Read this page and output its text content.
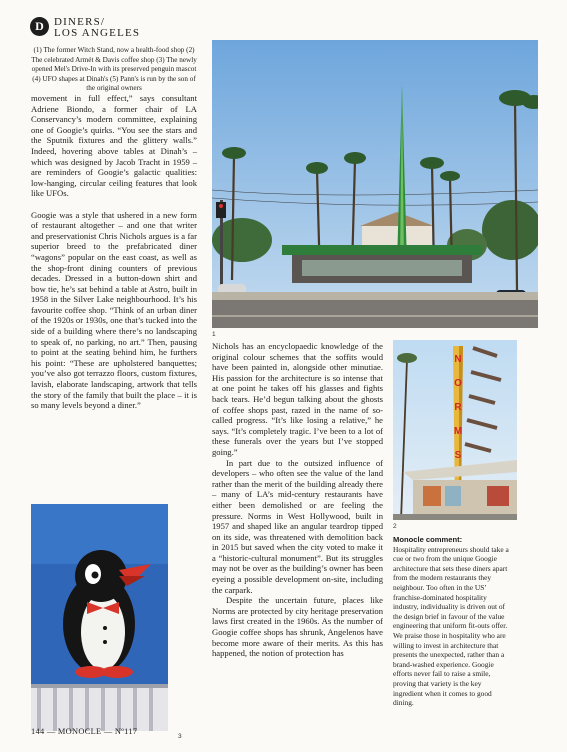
D DINERS/
LOS ANGELES
(1) The former Witch Stand, now a health-food shop (2) The celebrated Armét & Davis coffee shop (3) The newly opened Mel's Drive-In with its preserved penguin mascot (4) UFO shapes at Dinah's (5) Pann's is run by the son of the original owners

movement in full effect,” says consultant Adriene Biondo, a former chair of LA Conservancy’s modern committee, explaining one of Googie’s quirks. “You see the stars and the Sputnik fixtures and the glittery walls.” Indeed, hovering above tables at Dinah’s – which was designed by Jacob Tracht in 1959 – are reminders of Googie’s galactic qualities: low-hanging, circular ceiling features that look like UFOs.

Googie was a style that ushered in a new form of restaurant altogether – and one that writer and preservationist Chris Nichols argues is a far superior breed to the prefabricated diner “wagons” popular on the east coast, as well as the shop-front dining counters of previous decades. Dressed in a button-down shirt and bow tie, he’s sat behind a table at Astro, built in 1958 in the Silver Lake neighbourhood. It’s his favourite coffee shop. “Think of an urban diner of the 1920s or 1930s, one that’s tucked into the side of a building where there’s no landscaping to speak of, no parking, no art.” Then, pausing to point at the seating behind him, he furthers his point: “These are upholstered banquettes; you’ve also got terrazzo floors, custom fixtures, lavish, elaborate landscaping, artwork that tells the story of the family that built the place – it is so many levels beyond a diner.”

Nichols has an encyclopaedic knowledge of the original colour schemes that the soffits would have been painted in, alongside other minutiae. His passion for the architecture is so intense that at one point he takes off his glasses and fights back tears. He’d begun talking about the ghosts of coffee shops past, razed in the name of so-called progress. “It’s like losing a relative,” he says. “It’s completely tragic. I’ve been to a lot of these funerals over the years but I’ve stopped going.”

In part due to the outsized influence of developers – who often see the value of the land rather than the merit of the building already there – many of LA’s mid-century restaurants have either been demolished or are feeling the pressure. Norms in West Hollywood, built in 1957 and shaped like an angular teardrop tipped on its side, was threatened with demolition back in 2015 but saved when the city voted to make it a “historic-cultural monument”. But its struggles may not be over as the building’s owner has been eyeing a possible development on-site, including the carpark.

Despite the uncertain future, places like Norms are protected by city heritage preservation laws first created in the 1960s. As the number of Googie coffee shops has shrunk, Angelenos have become more aware of their merits. As this has happened, the notion of protection has

Monocle comment:
Hospitality entrepreneurs should take a cue or two from the unique Googie architecture that sets these diners apart from the modern restaurants they neighbour. Too often in the US’ franchise-dominated hospitality industry, individuality is driven out of the design brief in favour of the value engineering that uniform fit-outs offer. We praise those in hospitality who are willing to invest in architecture that presents the unexpected, rather than a brand-washed experience. Googie efforts never fail to raise a smile, proving that variety is the key ingredient when it comes to good dining.
1
N O R M S
2
3
144 — MONOCLE — Nº117
